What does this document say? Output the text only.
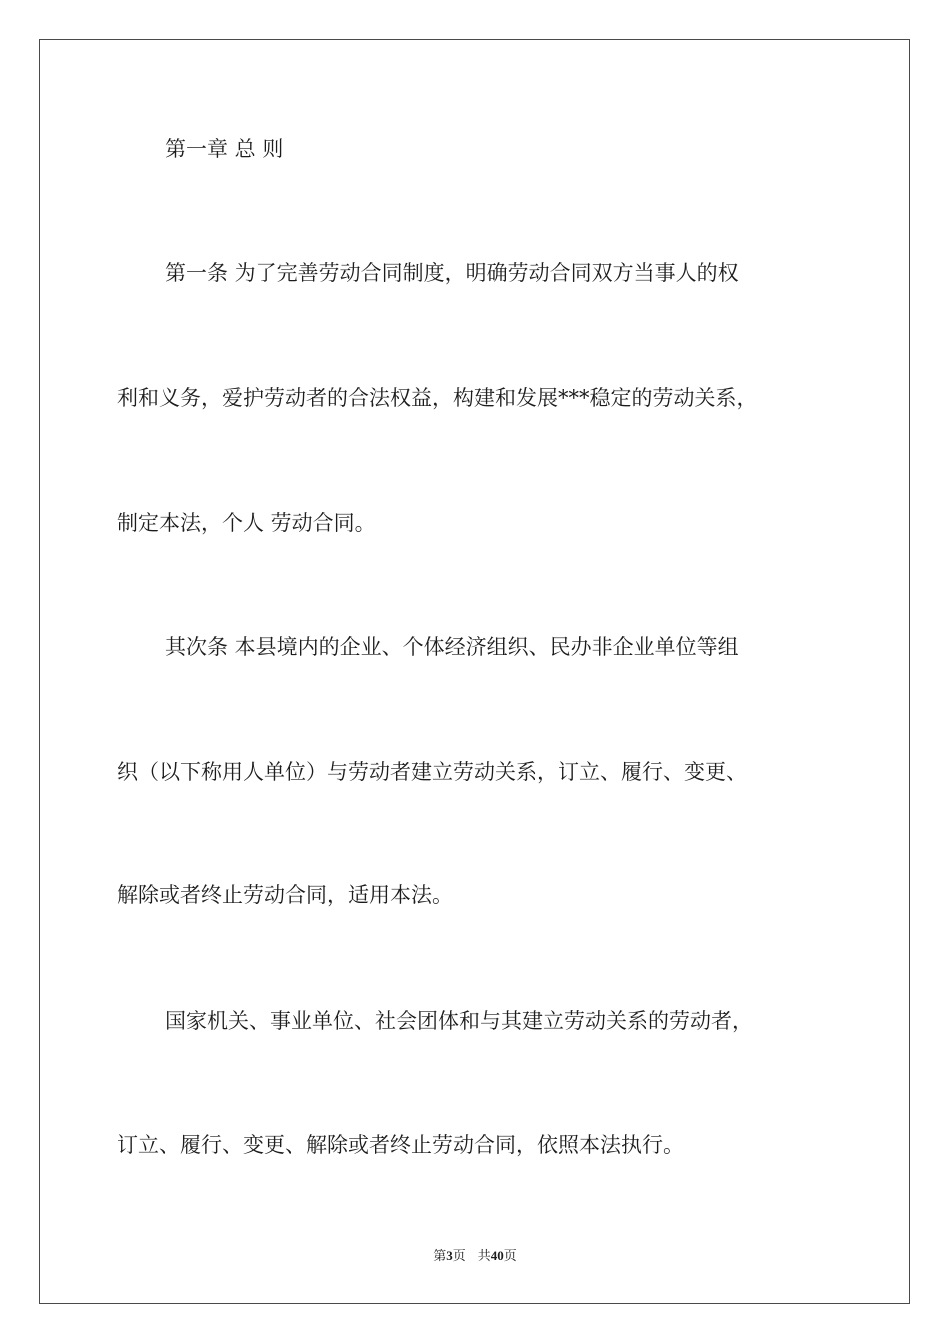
第一章 总 则
第一条 为了完善劳动合同制度，明确劳动合同双方当事人的权
利和义务，爱护劳动者的合法权益，构建和发展***稳定的劳动关系，
制定本法，个人 劳动合同。
其次条 本县境内的企业、个体经济组织、民办非企业单位等组
织（以下称用人单位）与劳动者建立劳动关系，订立、履行、变更、
解除或者终止劳动合同，适用本法。
国家机关、事业单位、社会团体和与其建立劳动关系的劳动者，
订立、履行、变更、解除或者终止劳动合同，依照本法执行。
第3页 共40页
